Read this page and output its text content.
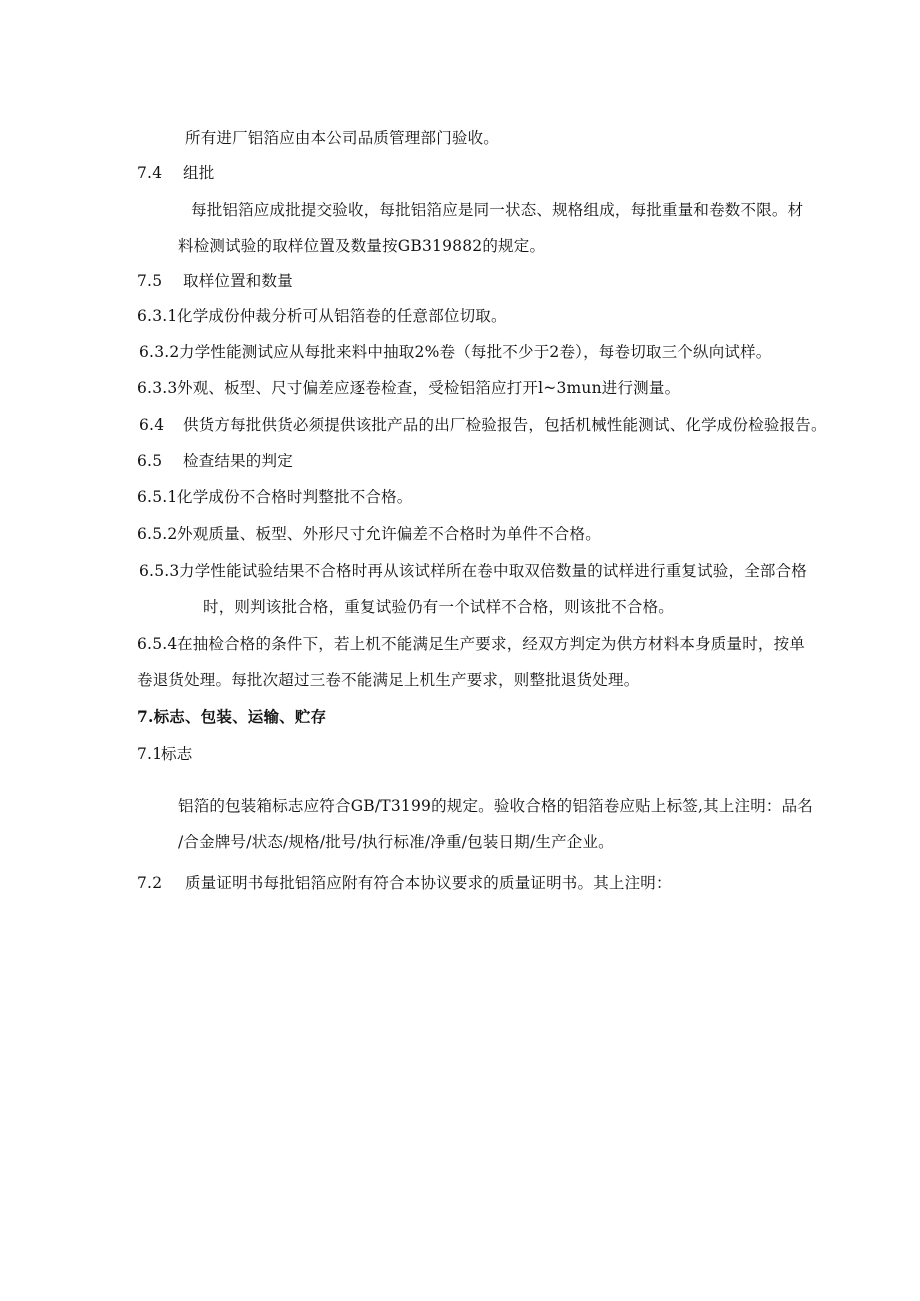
所有进厂铝箔应由本公司品质管理部门验收。
7.4 组批
每批铝箔应成批提交验收，每批铝箔应是同一状态、规格组成，每批重量和卷数不限。材
料检测试验的取样位置及数量按GB319882的规定。
7.5 取样位置和数量
6.3.1化学成份仲裁分析可从铝箔卷的任意部位切取。
6.3.2力学性能测试应从每批来料中抽取2%卷（每批不少于2卷），每卷切取三个纵向试样。
6.3.3外观、板型、尺寸偏差应逐卷检查，受检铝箔应打开l~3mun进行测量。
6.4 供货方每批供货必须提供该批产品的出厂检验报告，包括机械性能测试、化学成份检验报告。
6.5 检查结果的判定
6.5.1化学成份不合格时判整批不合格。
6.5.2外观质量、板型、外形尺寸允许偏差不合格时为单件不合格。
6.5.3力学性能试验结果不合格时再从该试样所在卷中取双倍数量的试样进行重复试验，全部合格
时，则判该批合格，重复试验仍有一个试样不合格，则该批不合格。
6.5.4在抽检合格的条件下，若上机不能满足生产要求，经双方判定为供方材料本身质量时，按单
卷退货处理。每批次超过三卷不能满足上机生产要求，则整批退货处理。
7.标志、包装、运输、贮存
7.1标志
铝箔的包装箱标志应符合GB/T3199的规定。验收合格的铝箔卷应贴上标签,其上注明：品名
/合金牌号/状态/规格/批号/执行标准/净重/包装日期/生产企业。
7.2 质量证明书每批铝箔应附有符合本协议要求的质量证明书。其上注明：
